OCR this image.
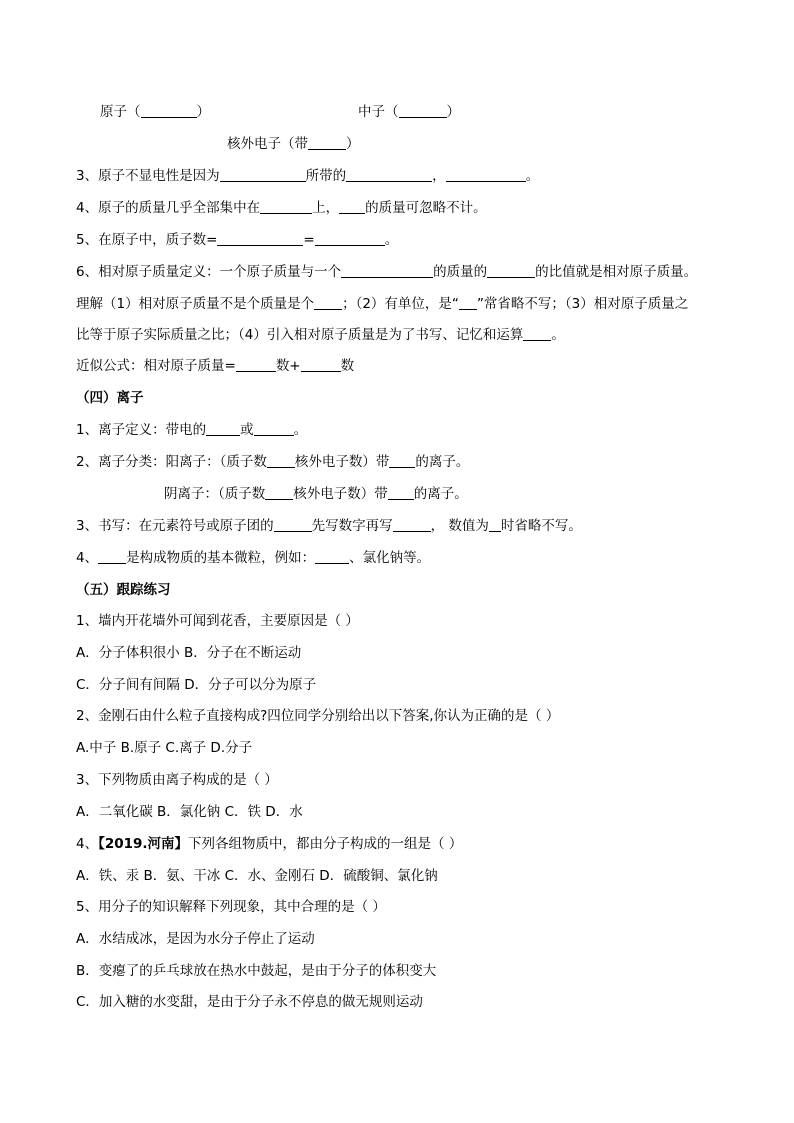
原子（	）	中子（	）
核外电子（带	）
3、原子不显电性是因为	所带的	，	。
4、原子的质量几乎全部集中在	上， 的质量可忽略不计。
5、在原子中，质子数=	=	。
6、相对原子质量定义：一个原子质量与一个	的质量的	的比值就是相对原子质量。
理解（1）相对原子质量不是个质量是个 ；（2）有单位，是“ ”常省略不写；（3）相对原子质量之
比等于原子实际质量之比；（4）引入相对原子质量是为了书写、记忆和运算 。
近似公式：相对原子质量=	数+	数
（四）离子
1、离子定义：带电的	或	。
2、离子分类：阳离子：（质子数 核外电子数）带 的离子。
阴离子：（质子数 核外电子数）带 的离子。
3、书写：在元素符号或原子团的	先写数字再写	， 数值为 时省略不写。
4、 是构成物质的基本微粒，例如：	、氯化钠等。
（五）跟踪练习
1、墙内开花墙外可闻到花香，主要原因是（ ）
A．分子体积很小 B．分子在不断运动
C．分子间有间隔 D．分子可以分为原子
2、金刚石由什么粒子直接构成?四位同学分别给出以下答案,你认为正确的是（ ）
A.中子 B.原子 C.离子 D.分子
3、下列物质由离子构成的是（ ）
A．二氧化碳 B．氯化钠 C．铁 D．水
4、【2019.河南】下列各组物质中，都由分子构成的一组是（ ）
A．铁、汞 B．氨、干冰 C．水、金刚石 D．硫酸铜、氯化钠
5、用分子的知识解释下列现象，其中合理的是（ ）
A．水结成冰，是因为水分子停止了运动
B．变瘪了的乒乓球放在热水中鼓起，是由于分子的体积变大
C．加入糖的水变甜，是由于分子永不停息的做无规则运动
